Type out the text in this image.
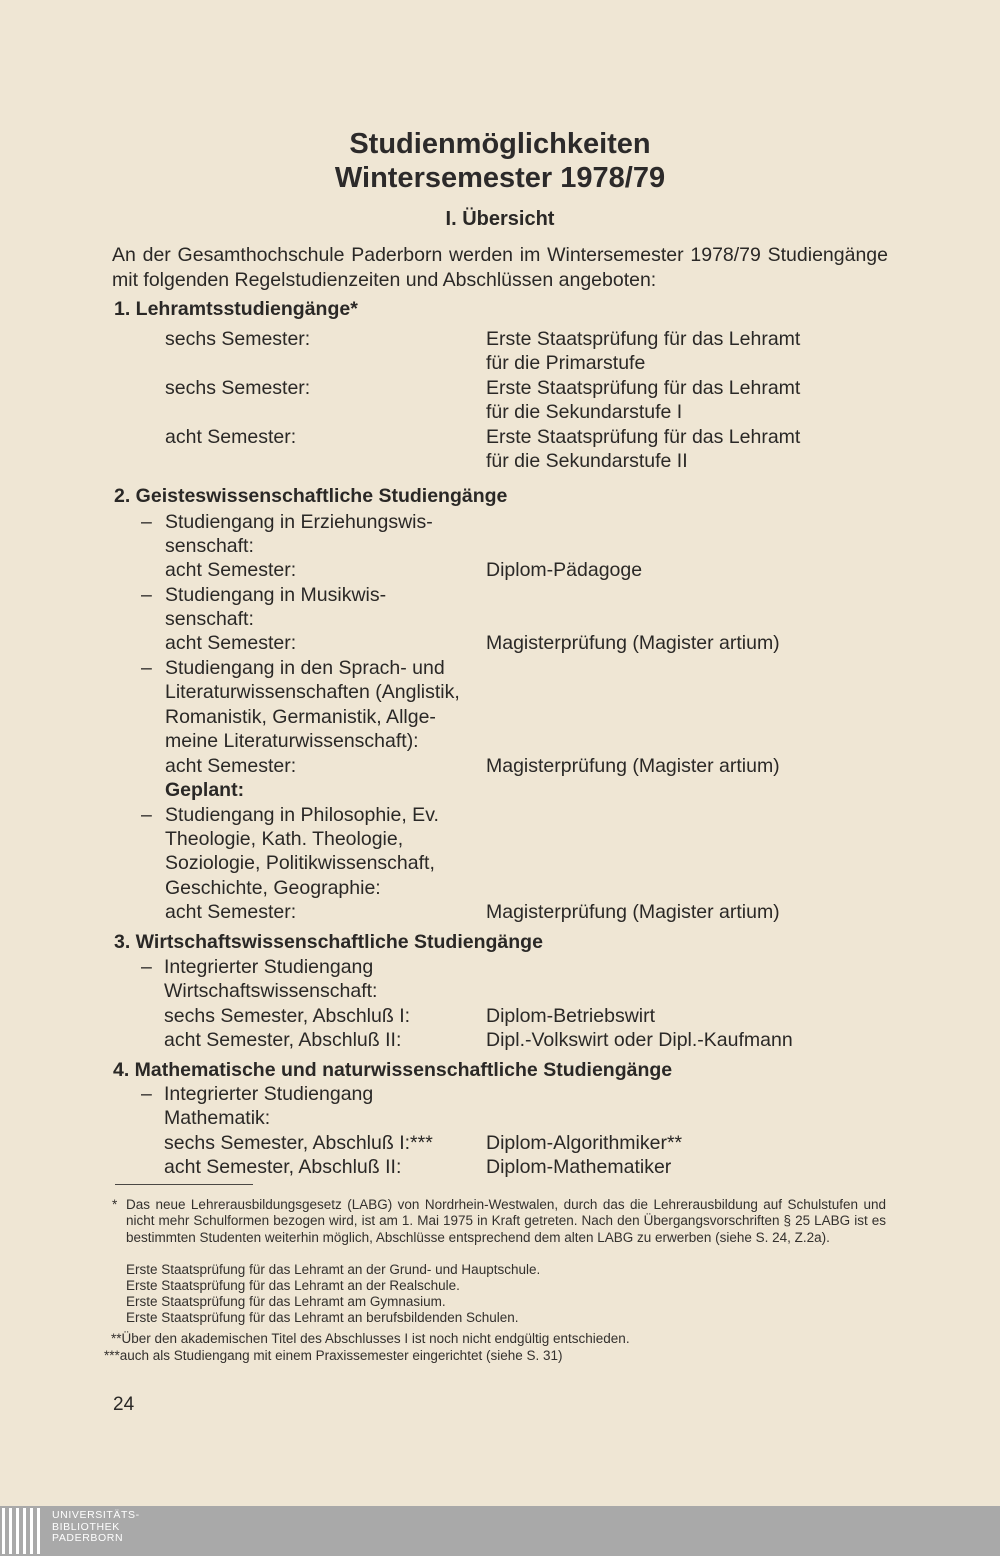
Studienmöglichkeiten
Wintersemester 1978/79
I. Übersicht
An der Gesamthochschule Paderborn werden im Wintersemester 1978/79 Studiengänge mit folgenden Regelstudienzeiten und Abschlüssen angeboten:
1. Lehramtsstudiengänge*
sechs Semester:	Erste Staatsprüfung für das Lehramt
für die Primarstufe
sechs Semester:	Erste Staatsprüfung für das Lehramt
für die Sekundarstufe I
acht Semester:	Erste Staatsprüfung für das Lehramt
für die Sekundarstufe II
2. Geisteswissenschaftliche Studiengänge
– Studiengang in Erziehungswis-
senschaft:
acht Semester:	Diplom-Pädagoge
– Studiengang in Musikwis-
senschaft:
acht Semester:	Magisterprüfung (Magister artium)
– Studiengang in den Sprach- und
Literaturwissenschaften (Anglistik,
Romanistik, Germanistik, Allge-
meine Literaturwissenschaft):
acht Semester:	Magisterprüfung (Magister artium)
Geplant:
– Studiengang in Philosophie, Ev.
Theologie, Kath. Theologie,
Soziologie, Politikwissenschaft,
Geschichte, Geographie:
acht Semester:	Magisterprüfung (Magister artium)
3. Wirtschaftswissenschaftliche Studiengänge
– Integrierter Studiengang
Wirtschaftswissenschaft:
sechs Semester, Abschluß I:	Diplom-Betriebswirt
acht Semester, Abschluß II:	Dipl.-Volkswirt oder Dipl.-Kaufmann
4. Mathematische und naturwissenschaftliche Studiengänge
– Integrierter Studiengang
Mathematik:
sechs Semester, Abschluß I:***	Diplom-Algorithmiker**
acht Semester, Abschluß II:	Diplom-Mathematiker
* Das neue Lehrerausbildungsgesetz (LABG) von Nordrhein-Westwalen, durch das die Lehrerausbildung auf Schulstufen und nicht mehr Schulformen bezogen wird, ist am 1. Mai 1975 in Kraft getreten. Nach den Übergangsvorschriften § 25 LABG ist es bestimmten Studenten weiterhin möglich, Abschlüsse entsprechend dem alten LABG zu erwerben (siehe S. 24, Z.2a).
Erste Staatsprüfung für das Lehramt an der Grund- und Hauptschule.
Erste Staatsprüfung für das Lehramt an der Realschule.
Erste Staatsprüfung für das Lehramt am Gymnasium.
Erste Staatsprüfung für das Lehramt an berufsbildenden Schulen.
**Über den akademischen Titel des Abschlusses I ist noch nicht endgültig entschieden.
***auch als Studiengang mit einem Praxissemester eingerichtet (siehe S. 31)
24
UNIVERSITÄTS-
BIBLIOTHEK
PADERBORN
